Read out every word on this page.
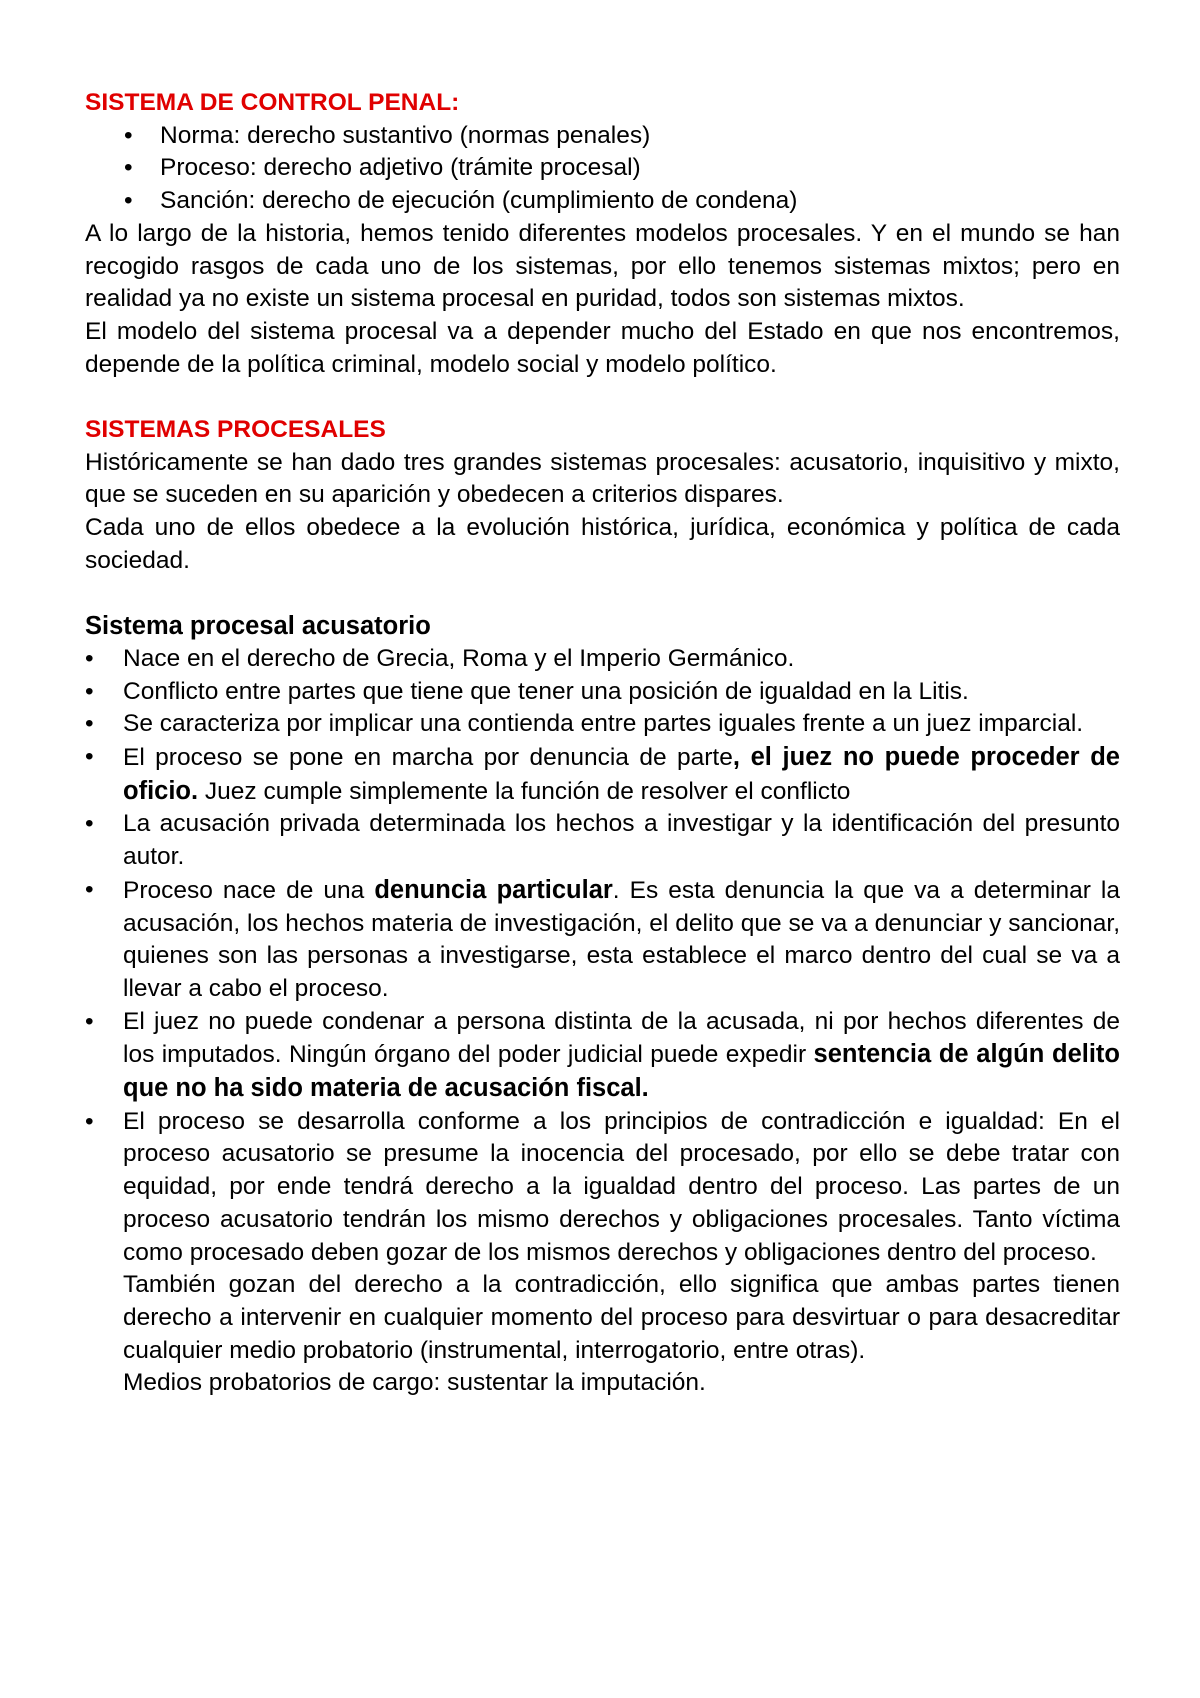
SISTEMA DE CONTROL PENAL:
• Norma: derecho sustantivo (normas penales)
• Proceso: derecho adjetivo (trámite procesal)
• Sanción: derecho de ejecución (cumplimiento de condena)

A lo largo de la historia, hemos tenido diferentes modelos procesales. Y en el mundo se han recogido rasgos de cada uno de los sistemas, por ello tenemos sistemas mixtos; pero en realidad ya no existe un sistema procesal en puridad, todos son sistemas mixtos.

El modelo del sistema procesal va a depender mucho del Estado en que nos encontremos, depende de la política criminal, modelo social y modelo político.

SISTEMAS PROCESALES

Históricamente se han dado tres grandes sistemas procesales: acusatorio, inquisitivo y mixto, que se suceden en su aparición y obedecen a criterios dispares.

Cada uno de ellos obedece a la evolución histórica, jurídica, económica y política de cada sociedad.

Sistema procesal acusatorio
• Nace en el derecho de Grecia, Roma y el Imperio Germánico.
• Conflicto entre partes que tiene que tener una posición de igualdad en la Litis.
• Se caracteriza por implicar una contienda entre partes iguales frente a un juez imparcial.
• El proceso se pone en marcha por denuncia de parte, el juez no puede proceder de oficio. Juez cumple simplemente la función de resolver el conflicto
• La acusación privada determinada los hechos a investigar y la identificación del presunto autor.
• Proceso nace de una denuncia particular. Es esta denuncia la que va a determinar la acusación, los hechos materia de investigación, el delito que se va a denunciar y sancionar, quienes son las personas a investigarse, esta establece el marco dentro del cual se va a llevar a cabo el proceso.
• El juez no puede condenar a persona distinta de la acusada, ni por hechos diferentes de los imputados. Ningún órgano del poder judicial puede expedir sentencia de algún delito que no ha sido materia de acusación fiscal.
• El proceso se desarrolla conforme a los principios de contradicción e igualdad: En el proceso acusatorio se presume la inocencia del procesado, por ello se debe tratar con equidad, por ende tendrá derecho a la igualdad dentro del proceso. Las partes de un proceso acusatorio tendrán los mismo derechos y obligaciones procesales. Tanto víctima como procesado deben gozar de los mismos derechos y obligaciones dentro del proceso.

También gozan del derecho a la contradicción, ello significa que ambas partes tienen derecho a intervenir en cualquier momento del proceso para desvirtuar o para desacreditar cualquier medio probatorio (instrumental, interrogatorio, entre otras).

Medios probatorios de cargo: sustentar la imputación.
